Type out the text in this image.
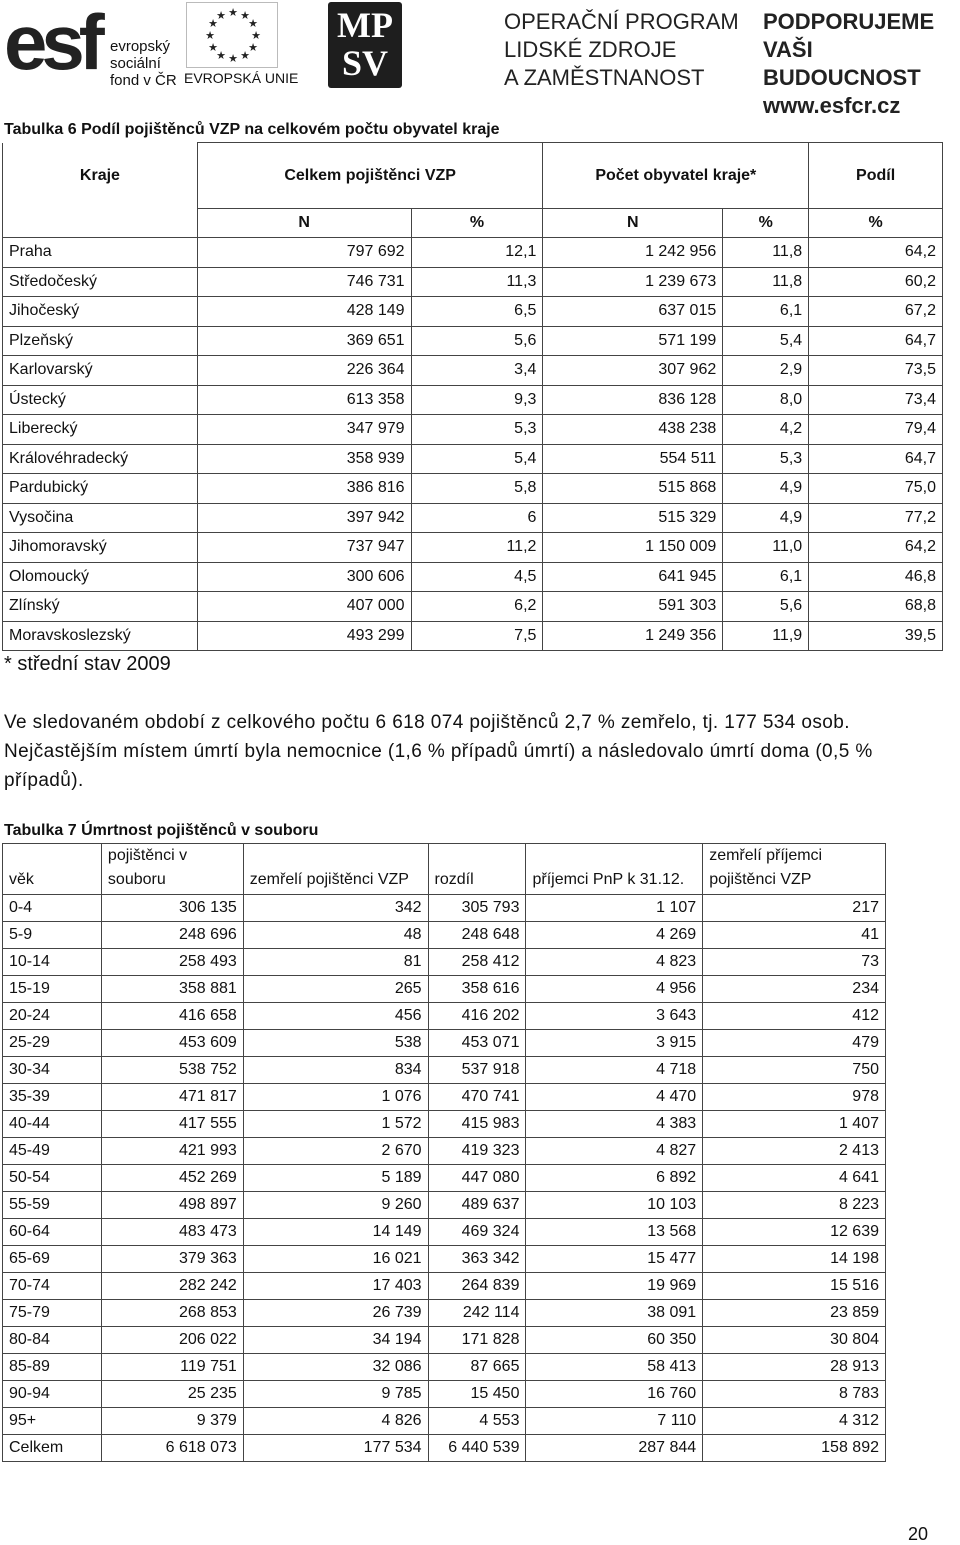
esf evropský
sociální
fond v ČR
★ ★
★
★
★
★
★
★
★
★
★
★
EVROPSKÁ UNIE
MP
SV
OPERAČNÍ PROGRAM
LIDSKÉ ZDROJE
A ZAMĚSTNANOST
PODPORUJEME
VAŠI BUDOUCNOST
www.esfcr.cz
Tabulka 6 Podíl pojištěnců VZP na celkovém počtu obyvatel kraje
Kraje	Celkem pojištěnci VZP		Počet obyvatel kraje*		Podíl
	N	%	N	%	%
Praha	797 692	12,1	1 242 956	11,8	64,2
Středočeský	746 731	11,3	1 239 673	11,8	60,2
Jihočeský	428 149	6,5	637 015	6,1	67,2
Plzeňský	369 651	5,6	571 199	5,4	64,7
Karlovarský	226 364	3,4	307 962	2,9	73,5
Ústecký	613 358	9,3	836 128	8,0	73,4
Liberecký	347 979	5,3	438 238	4,2	79,4
Královéhradecký	358 939	5,4	554 511	5,3	64,7
Pardubický	386 816	5,8	515 868	4,9	75,0
Vysočina	397 942	6	515 329	4,9	77,2
Jihomoravský	737 947	11,2	1 150 009	11,0	64,2
Olomoucký	300 606	4,5	641 945	6,1	46,8
Zlínský	407 000	6,2	591 303	5,6	68,8
Moravskoslezský	493 299	7,5	1 249 356	11,9	39,5
* střední stav 2009
Ve sledovaném období z celkového počtu 6 618 074 pojištěnců 2,7 % zemřelo, tj. 177 534 osob. Nejčastějším místem úmrtí byla nemocnice (1,6 % případů úmrtí) a následovalo úmrtí doma (0,5 % případů).
Tabulka 7 Úmrtnost pojištěnců v souboru
věk	pojištěnci v souboru	zemřelí pojištěnci VZP	rozdíl	příjemci PnP k 31.12.	zemřelí příjemci pojištěnci VZP
0-4	306 135	342	305 793	1 107	217
5-9	248 696	48	248 648	4 269	41
10-14	258 493	81	258 412	4 823	73
15-19	358 881	265	358 616	4 956	234
20-24	416 658	456	416 202	3 643	412
25-29	453 609	538	453 071	3 915	479
30-34	538 752	834	537 918	4 718	750
35-39	471 817	1 076	470 741	4 470	978
40-44	417 555	1 572	415 983	4 383	1 407
45-49	421 993	2 670	419 323	4 827	2 413
50-54	452 269	5 189	447 080	6 892	4 641
55-59	498 897	9 260	489 637	10 103	8 223
60-64	483 473	14 149	469 324	13 568	12 639
65-69	379 363	16 021	363 342	15 477	14 198
70-74	282 242	17 403	264 839	19 969	15 516
75-79	268 853	26 739	242 114	38 091	23 859
80-84	206 022	34 194	171 828	60 350	30 804
85-89	119 751	32 086	87 665	58 413	28 913
90-94	25 235	9 785	15 450	16 760	8 783
95+	9 379	4 826	4 553	7 110	4 312
Celkem	6 618 073	177 534	6 440 539	287 844	158 892
20
